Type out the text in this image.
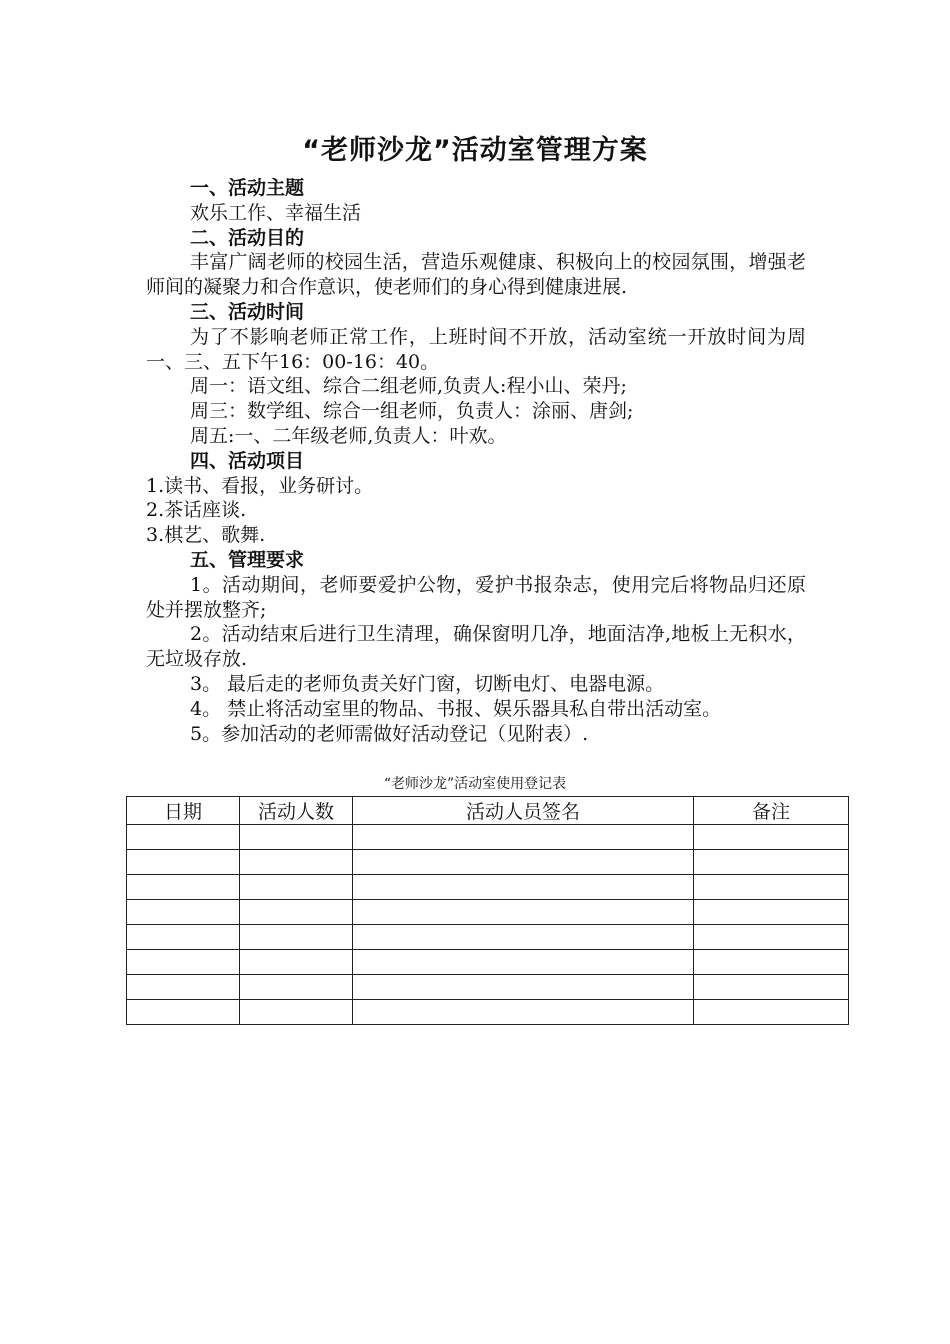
“老师沙龙”活动室管理方案

一、活动主题

欢乐工作、幸福生活

二、活动目的

丰富广阔老师的校园生活，营造乐观健康、积极向上的校园氛围，增强老师间的凝聚力和合作意识，使老师们的身心得到健康进展.

三、活动时间

为了不影响老师正常工作，上班时间不开放，活动室统一开放时间为周一、三、五下午16：00-16：40。

周一：语文组、综合二组老师,负责人:程小山、荣丹;

周三：数学组、综合一组老师，负责人：涂丽、唐剑;

周五:一、二年级老师,负责人：叶欢。

四、活动项目

1.读书、看报，业务研讨。

2.茶话座谈.

3.棋艺、歌舞.

五、管理要求

1。活动期间，老师要爱护公物，爱护书报杂志，使用完后将物品归还原处并摆放整齐;

2。活动结束后进行卫生清理，确保窗明几净，地面洁净,地板上无积水，无垃圾存放.

3。 最后走的老师负责关好门窗，切断电灯、电器电源。

4。 禁止将活动室里的物品、书报、娱乐器具私自带出活动室。

5。参加活动的老师需做好活动登记（见附表）.

“老师沙龙”活动室使用登记表
日期	活动人数	活动人员签名	备注
